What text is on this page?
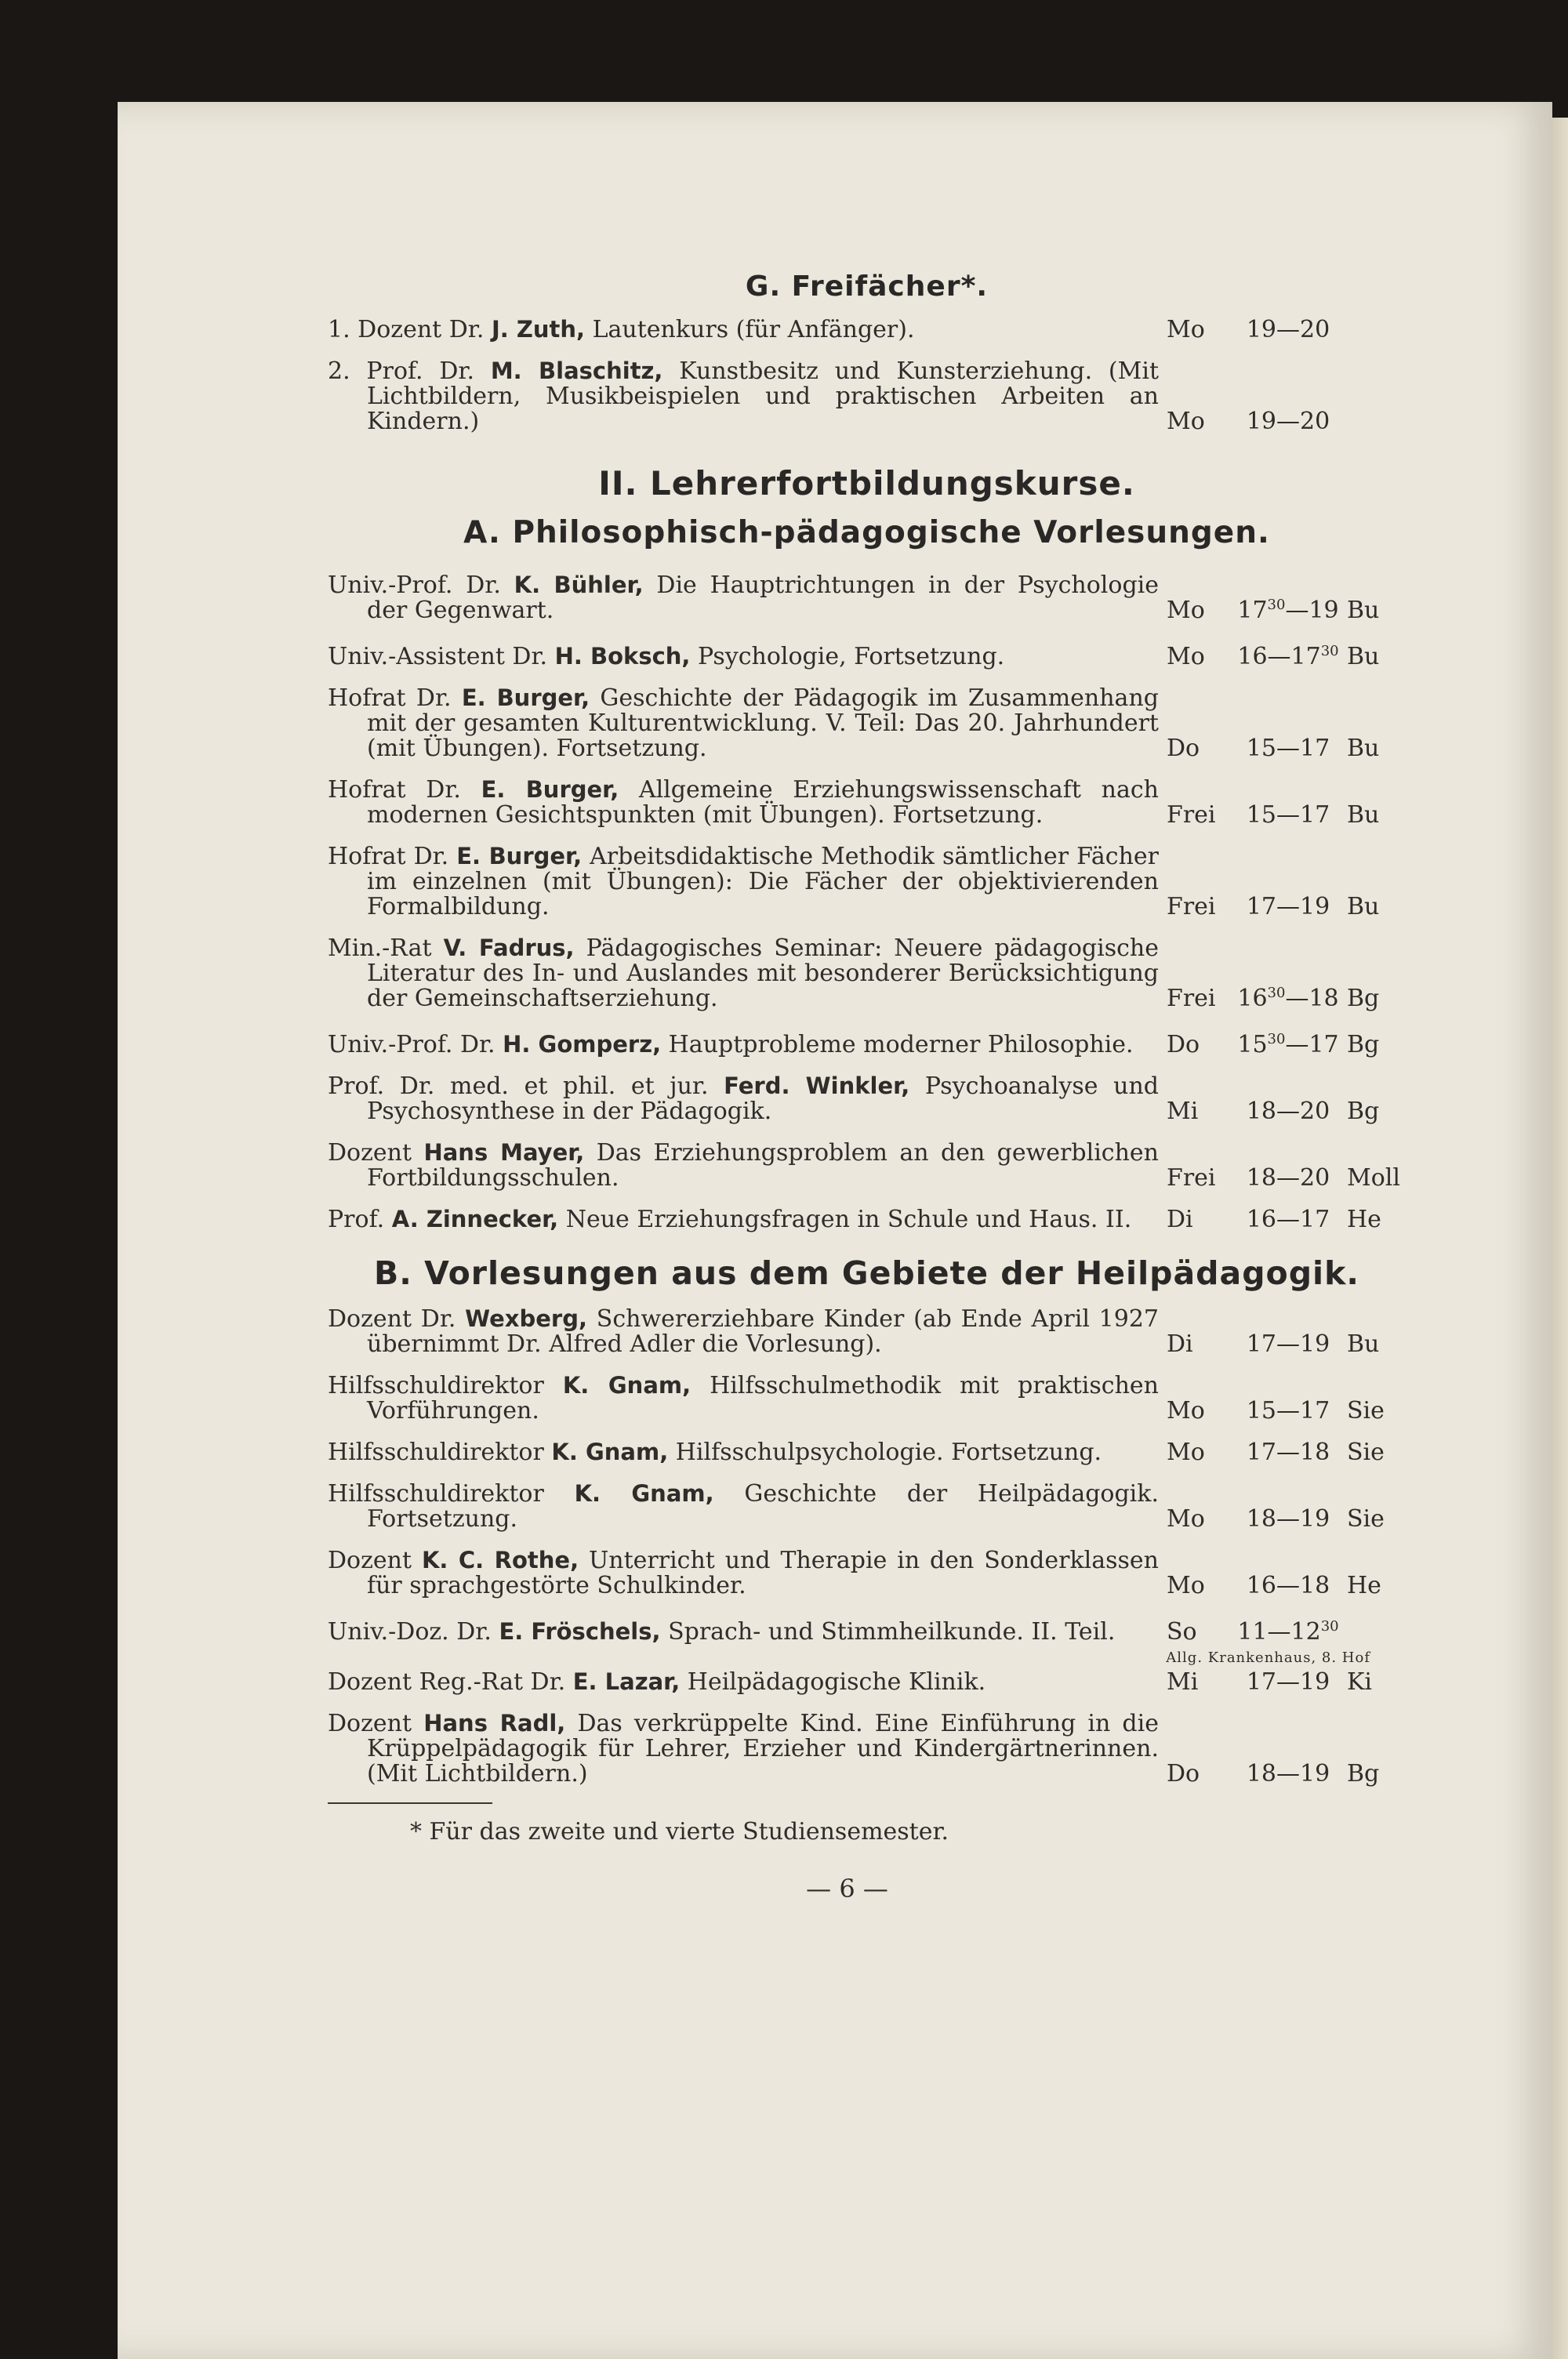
G. Freifächer*.
1. Dozent Dr. J. Zuth, Lautenkurs (für Anfänger).	Mo	19—20
2. Prof. Dr. M. Blaschitz, Kunstbesitz und Kunsterziehung. (Mit Lichtbildern, Musikbeispielen und praktischen Arbeiten an Kindern.)	Mo	19—20
II. Lehrerfortbildungskurse.
A. Philosophisch-pädagogische Vorlesungen.
Univ.-Prof. Dr. K. Bühler, Die Hauptrichtungen in der Psychologie der Gegenwart.	Mo	$17^{30}—19$ Bu
Univ.-Assistent Dr. H. Boksch, Psychologie, Fortsetzung.	Mo	$16—17^{30}$ Bu
Hofrat Dr. E. Burger, Geschichte der Pädagogik im Zusammenhang mit der gesamten Kulturentwicklung. V. Teil: Das 20. Jahrhundert (mit Übungen). Fortsetzung.	Do	15—17 Bu
Hofrat Dr. E. Burger, Allgemeine Erziehungswissenschaft nach modernen Gesichtspunkten (mit Übungen). Fortsetzung.	Frei	15—17 Bu
Hofrat Dr. E. Burger, Arbeitsdidaktische Methodik sämtlicher Fächer im einzelnen (mit Übungen): Die Fächer der objektivierenden Formalbildung.	Frei	17—19 Bu
Min.-Rat V. Fadrus, Pädagogisches Seminar: Neuere pädagogische Literatur des In- und Auslandes mit besonderer Berücksichtigung der Gemeinschaftserziehung.	Frei $16^{30}—18$ Bg
Univ.-Prof. Dr. H. Gomperz, Hauptprobleme moderner Philosophie.	Do	$15^{30}—17$ Bg
Prof. Dr. med. et phil. et jur. Ferd. Winkler, Psychoanalyse und Psychosynthese in der Pädagogik.	Mi	18—20 Bg
Dozent Hans Mayer, Das Erziehungsproblem an den gewerblichen Fortbildungsschulen.	Frei	18—20 Moll
Prof. A. Zinnecker, Neue Erziehungsfragen in Schule und Haus. II.	Di	16—17 He
B. Vorlesungen aus dem Gebiete der Heilpädagogik.
Dozent Dr. Wexberg, Schwererziehbare Kinder (ab Ende April 1927 übernimmt Dr. Alfred Adler die Vorlesung).	Di	17—19 Bu
Hilfsschuldirektor K. Gnam, Hilfsschulmethodik mit praktischen Vorführungen.	Mo	15—17 Sie
Hilfsschuldirektor K. Gnam, Hilfsschulpsychologie. Fortsetzung.	Mo	17—18 Sie
Hilfsschuldirektor K. Gnam, Geschichte der Heilpädagogik. Fortsetzung.	Mo	18—19 Sie
Dozent K. C. Rothe, Unterricht und Therapie in den Sonderklassen für sprachgestörte Schulkinder.	Mo	16—18 He
Univ.-Doz. Dr. E. Fröschels, Sprach- und Stimmheilkunde. II. Teil.	So	$11—12^{30}$
Allg. Krankenhaus, 8. Hof
Dozent Reg.-Rat Dr. E. Lazar, Heilpädagogische Klinik.	Mi	17—19 Ki
Dozent Hans Radl, Das verkrüppelte Kind. Eine Einführung in die Krüppelpädagogik für Lehrer, Erzieher und Kindergärtnerinnen. (Mit Lichtbildern.)	Do	18—19 Bg
* Für das zweite und vierte Studiensemester.
— 6 —
